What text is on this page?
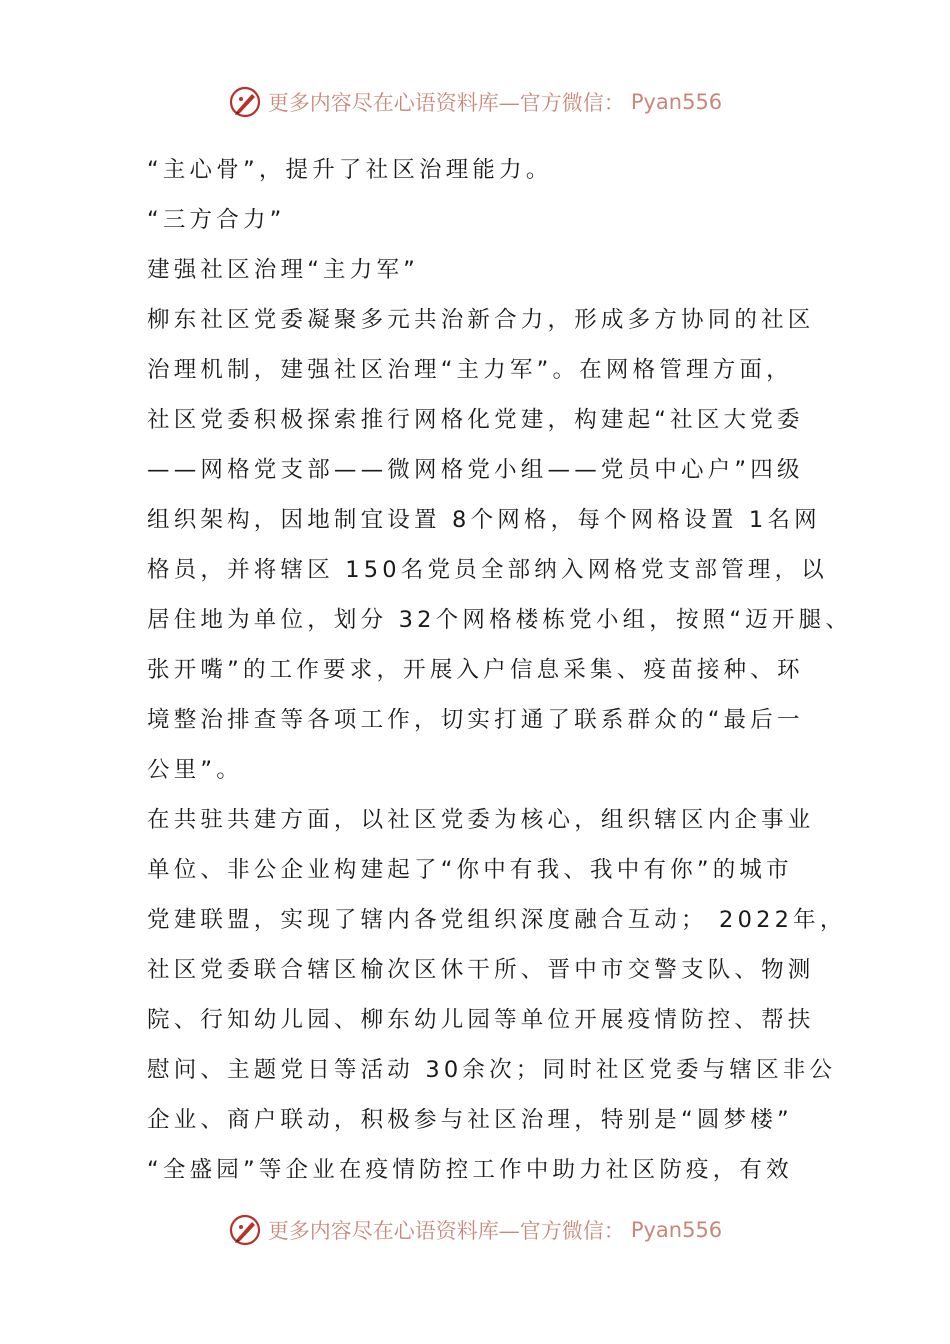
更多内容尽在心语资料库—官方微信： Pyan556
“主心骨”，提升了社区治理能力。
“三方合力”
建强社区治理“主力军”
柳东社区党委凝聚多元共治新合力，形成多方协同的社区
治理机制，建强社区治理“主力军”。在网格管理方面，
社区党委积极探索推行网格化党建，构建起“社区大党委
——网格党支部——微网格党小组——党员中心户”四级
组织架构，因地制宜设置 8个网格，每个网格设置 1名网
格员，并将辖区 150名党员全部纳入网格党支部管理，以
居住地为单位，划分 32个网格楼栋党小组，按照“迈开腿、
张开嘴”的工作要求，开展入户信息采集、疫苗接种、环
境整治排查等各项工作，切实打通了联系群众的“最后一
公里”。
在共驻共建方面，以社区党委为核心，组织辖区内企事业
单位、非公企业构建起了“你中有我、我中有你”的城市
党建联盟，实现了辖内各党组织深度融合互动； 2022年，
社区党委联合辖区榆次区休干所、晋中市交警支队、物测
院、行知幼儿园、柳东幼儿园等单位开展疫情防控、帮扶
慰问、主题党日等活动 30余次；同时社区党委与辖区非公
企业、商户联动，积极参与社区治理，特别是“圆梦楼”
“全盛园”等企业在疫情防控工作中助力社区防疫，有效
更多内容尽在心语资料库—官方微信： Pyan556
